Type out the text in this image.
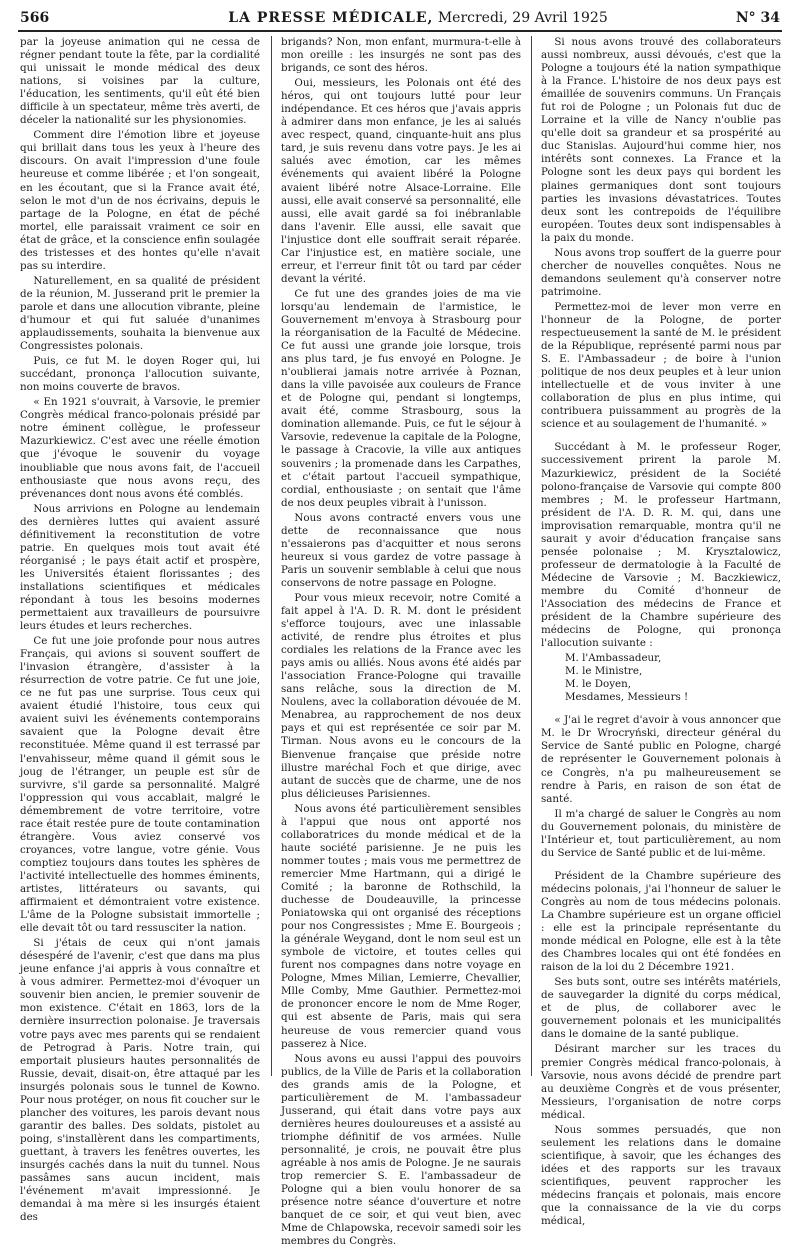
566	LA PRESSE MÉDICALE, Mercredi, 29 Avril 1925	N° 34

par la joyeuse animation qui ne cessa de régner pendant toute la fête, par la cordialité qui unissait le monde médical des deux nations, si voisines par la culture, l'éducation, les sentiments, qu'il eût été bien difficile à un spectateur, même très averti, de déceler la nationalité sur les physionomies.

Comment dire l'émotion libre et joyeuse qui brillait dans tous les yeux à l'heure des discours. On avait l'impression d'une foule heureuse et comme libérée ; et l'on songeait, en les écoutant, que si la France avait été, selon le mot d'un de nos écrivains, depuis le partage de la Pologne, en état de péché mortel, elle paraissait vraiment ce soir en état de grâce, et la conscience enfin soulagée des tristesses et des hontes qu'elle n'avait pas su interdire.

Naturellement, en sa qualité de président de la réunion, M. Jusserand prit le premier la parole et dans une allocution vibrante, pleine d'humour et qui fut saluée d'unanimes applaudissements, souhaita la bienvenue aux Congressistes polonais.

Puis, ce fut M. le doyen Roger qui, lui succédant, prononça l'allocution suivante, non moins couverte de bravos.

« En 1921 s'ouvrait, à Varsovie, le premier Congrès médical franco-polonais présidé par notre éminent collègue, le professeur Mazurkiewicz. C'est avec une réelle émotion que j'évoque le souvenir du voyage inoubliable que nous avons fait, de l'accueil enthousiaste que nous avons reçu, des prévenances dont nous avons été comblés.

Nous arrivions en Pologne au lendemain des dernières luttes qui avaient assuré définitivement la reconstitution de votre patrie. En quelques mois tout avait été réorganisé ; le pays était actif et prospère, les Universités étaient florissantes ; des installations scientifiques et médicales répondant à tous les besoins modernes permettaient aux travailleurs de poursuivre leurs études et leurs recherches.

Ce fut une joie profonde pour nous autres Français, qui avions si souvent souffert de l'invasion étrangère, d'assister à la résurrection de votre patrie. Ce fut une joie, ce ne fut pas une surprise. Tous ceux qui avaient étudié l'histoire, tous ceux qui avaient suivi les événements contemporains savaient que la Pologne devait être reconstituée. Même quand il est terrassé par l'envahisseur, même quand il gémit sous le joug de l'étranger, un peuple est sûr de survivre, s'il garde sa personnalité. Malgré l'oppression qui vous accablait, malgré le démembrement de votre territoire, votre race était restée pure de toute contamination étrangère. Vous aviez conservé vos croyances, votre langue, votre génie. Vous comptiez toujours dans toutes les sphères de l'activité intellectuelle des hommes éminents, artistes, littérateurs ou savants, qui affirmaient et démontraient votre existence. L'âme de la Pologne subsistait immortelle ; elle devait tôt ou tard ressusciter la nation.

Si j'étais de ceux qui n'ont jamais désespéré de l'avenir, c'est que dans ma plus jeune enfance j'ai appris à vous connaître et à vous admirer. Permettez-moi d'évoquer un souvenir bien ancien, le premier souvenir de mon existence. C'était en 1863, lors de la dernière insurrection polonaise. Je traversais votre pays avec mes parents qui se rendaient de Petrograd à Paris. Notre train, qui emportait plusieurs hautes personnalités de Russie, devait, disait-on, être attaqué par les insurgés polonais sous le tunnel de Kowno. Pour nous protéger, on nous fit coucher sur le plancher des voitures, les parois devant nous garantir des balles. Des soldats, pistolet au poing, s'installèrent dans les compartiments, guettant, à travers les fenêtres ouvertes, les insurgés cachés dans la nuit du tunnel. Nous passâmes sans aucun incident, mais l'événement m'avait impressionné. Je demandai à ma mère si les insurgés étaient des

brigands? Non, mon enfant, murmura-t-elle à mon oreille : les insurgés ne sont pas des brigands, ce sont des héros.

Oui, messieurs, les Polonais ont été des héros, qui ont toujours lutté pour leur indépendance. Et ces héros que j'avais appris à admirer dans mon enfance, je les ai salués avec respect, quand, cinquante-huit ans plus tard, je suis revenu dans votre pays. Je les ai salués avec émotion, car les mêmes événements qui avaient libéré la Pologne avaient libéré notre Alsace-Lorraine. Elle aussi, elle avait conservé sa personnalité, elle aussi, elle avait gardé sa foi inébranlable dans l'avenir. Elle aussi, elle savait que l'injustice dont elle souffrait serait réparée. Car l'injustice est, en matière sociale, une erreur, et l'erreur finit tôt ou tard par céder devant la vérité.

Ce fut une des grandes joies de ma vie lorsqu'au lendemain de l'armistice, le Gouvernement m'envoya à Strasbourg pour la réorganisation de la Faculté de Médecine. Ce fut aussi une grande joie lorsque, trois ans plus tard, je fus envoyé en Pologne. Je n'oublierai jamais notre arrivée à Poznan, dans la ville pavoisée aux couleurs de France et de Pologne qui, pendant si longtemps, avait été, comme Strasbourg, sous la domination allemande. Puis, ce fut le séjour à Varsovie, redevenue la capitale de la Pologne, le passage à Cracovie, la ville aux antiques souvenirs ; la promenade dans les Carpathes, et c'était partout l'accueil sympathique, cordial, enthousiaste ; on sentait que l'âme de nos deux peuples vibrait à l'unisson.

Nous avons contracté envers vous une dette de reconnaissance que nous n'essaierons pas d'acquitter et nous serons heureux si vous gardez de votre passage à Paris un souvenir semblable à celui que nous conservons de notre passage en Pologne.

Pour vous mieux recevoir, notre Comité a fait appel à l'A. D. R. M. dont le président s'efforce toujours, avec une inlassable activité, de rendre plus étroites et plus cordiales les relations de la France avec les pays amis ou alliés. Nous avons été aidés par l'association France-Pologne qui travaille sans relâche, sous la direction de M. Noulens, avec la collaboration dévouée de M. Menabrea, au rapprochement de nos deux pays et qui est représentée ce soir par M. Tirman. Nous avons eu le concours de la Bienvenue française que préside notre illustre maréchal Foch et que dirige, avec autant de succès que de charme, une de nos plus délicieuses Parisiennes.

Nous avons été particulièrement sensibles à l'appui que nous ont apporté nos collaboratrices du monde médical et de la haute société parisienne. Je ne puis les nommer toutes ; mais vous me permettrez de remercier Mme Hartmann, qui a dirigé le Comité ; la baronne de Rothschild, la duchesse de Doudeauville, la princesse Poniatowska qui ont organisé des réceptions pour nos Congressistes ; Mme E. Bourgeois ; la générale Weygand, dont le nom seul est un symbole de victoire, et toutes celles qui furent nos compagnes dans notre voyage en Pologne, Mmes Milian, Lemierre, Chevallier, Mlle Comby, Mme Gauthier. Permettez-moi de prononcer encore le nom de Mme Roger, qui est absente de Paris, mais qui sera heureuse de vous remercier quand vous passerez à Nice.

Nous avons eu aussi l'appui des pouvoirs publics, de la Ville de Paris et la collaboration des grands amis de la Pologne, et particulièrement de M. l'ambassadeur Jusserand, qui était dans votre pays aux dernières heures douloureuses et a assisté au triomphe définitif de vos armées. Nulle personnalité, je crois, ne pouvait être plus agréable à nos amis de Pologne. Je ne saurais trop remercier S. E. l'ambassadeur de Pologne qui a bien voulu honorer de sa présence notre séance d'ouverture et notre banquet de ce soir, et qui veut bien, avec Mme de Chlapowska, recevoir samedi soir les membres du Congrès.

Si nous avons trouvé des collaborateurs aussi nombreux, aussi dévoués, c'est que la Pologne a toujours été la nation sympathique à la France. L'histoire de nos deux pays est émaillée de souvenirs communs. Un Français fut roi de Pologne ; un Polonais fut duc de Lorraine et la ville de Nancy n'oublie pas qu'elle doit sa grandeur et sa prospérité au duc Stanislas. Aujourd'hui comme hier, nos intérêts sont connexes. La France et la Pologne sont les deux pays qui bordent les plaines germaniques dont sont toujours parties les invasions dévastatrices. Toutes deux sont les contrepoids de l'équilibre européen. Toutes deux sont indispensables à la paix du monde.

Nous avons trop souffert de la guerre pour chercher de nouvelles conquêtes. Nous ne demandons seulement qu'à conserver notre patrimoine.

Permettez-moi de lever mon verre en l'honneur de la Pologne, de porter respectueusement la santé de M. le président de la République, représenté parmi nous par S. E. l'Ambassadeur ; de boire à l'union politique de nos deux peuples et à leur union intellectuelle et de vous inviter à une collaboration de plus en plus intime, qui contribuera puissamment au progrès de la science et au soulagement de l'humanité. »

Succédant à M. le professeur Roger, successivement prirent la parole M. Mazurkiewicz, président de la Société polono-française de Varsovie qui compte 800 membres ; M. le professeur Hartmann, président de l'A. D. R. M. qui, dans une improvisation remarquable, montra qu'il ne saurait y avoir d'éducation française sans pensée polonaise ; M. Krysztalowicz, professeur de dermatologie à la Faculté de Médecine de Varsovie ; M. Baczkiewicz, membre du Comité d'honneur de l'Association des médecins de France et président de la Chambre supérieure des médecins de Pologne, qui prononça l'allocution suivante :

M. l'Ambassadeur,

M. le Ministre,

M. le Doyen,

Mesdames, Messieurs !

« J'ai le regret d'avoir à vous annoncer que M. le Dr Wrocryński, directeur général du Service de Santé public en Pologne, chargé de représenter le Gouvernement polonais à ce Congrès, n'a pu malheureusement se rendre à Paris, en raison de son état de santé.

Il m'a chargé de saluer le Congrès au nom du Gouvernement polonais, du ministère de l'Intérieur et, tout particulièrement, au nom du Service de Santé public et de lui-même.

Président de la Chambre supérieure des médecins polonais, j'ai l'honneur de saluer le Congrès au nom de tous médecins polonais. La Chambre supérieure est un organe officiel : elle est la principale représentante du monde médical en Pologne, elle est à la tête des Chambres locales qui ont été fondées en raison de la loi du 2 Décembre 1921.

Ses buts sont, outre ses intérêts matériels, de sauvegarder la dignité du corps médical, et de plus, de collaborer avec le gouvernement polonais et les municipalités dans le domaine de la santé publique.

Désirant marcher sur les traces du premier Congrès médical franco-polonais, à Varsovie, nous avons décidé de prendre part au deuxième Congrès et de vous présenter, Messieurs, l'organisation de notre corps médical.

Nous sommes persuadés, que non seulement les relations dans le domaine scientifique, à savoir, que les échanges des idées et des rapports sur les travaux scientifiques, peuvent rapprocher les médecins français et polonais, mais encore que la connaissance de la vie du corps médical,
